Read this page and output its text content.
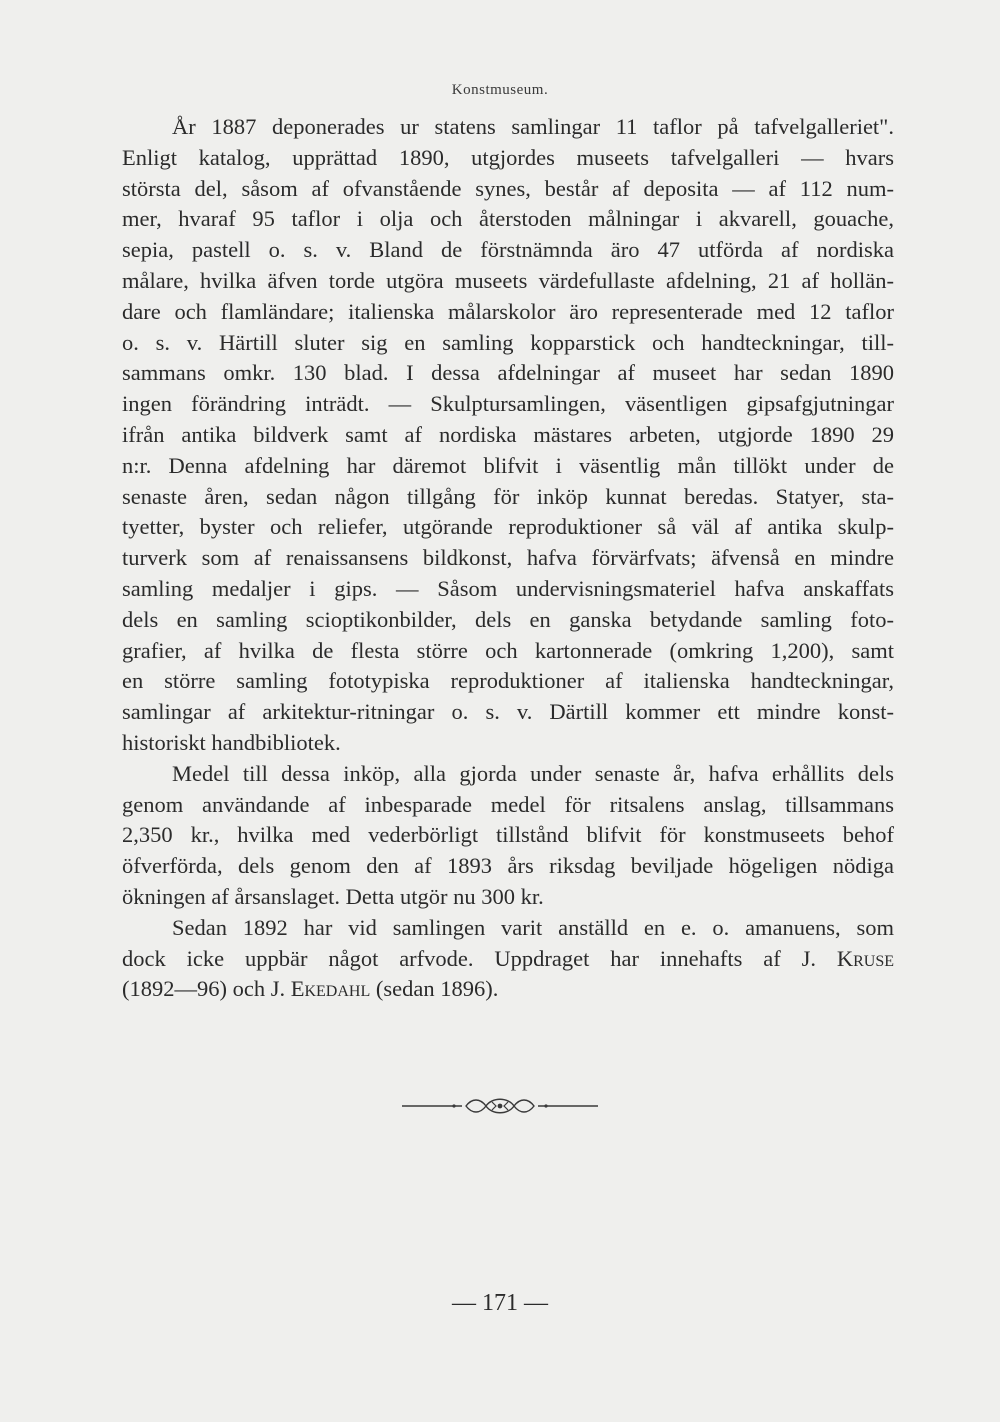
Konstmuseum.
År 1887 deponerades ur statens samlingar 11 taflor på tafvelgalleriet".
Enligt katalog, upprättad 1890, utgjordes museets tafvelgalleri — hvars
största del, såsom af ofvanstående synes, består af deposita — af 112 num-
mer, hvaraf 95 taflor i olja och återstoden målningar i akvarell, gouache,
sepia, pastell o. s. v. Bland de förstnämnda äro 47 utförda af nordiska
målare, hvilka äfven torde utgöra museets värdefullaste afdelning, 21 af hollän-
dare och flamländare; italienska målarskolor äro representerade med 12 taflor
o. s. v. Härtill sluter sig en samling kopparstick och handteckningar, till-
sammans omkr. 130 blad. I dessa afdelningar af museet har sedan 1890
ingen förändring inträdt. — Skulptursamlingen, väsentligen gipsafgjutningar
ifrån antika bildverk samt af nordiska mästares arbeten, utgjorde 1890 29
n:r. Denna afdelning har däremot blifvit i väsentlig mån tillökt under de
senaste åren, sedan någon tillgång för inköp kunnat beredas. Statyer, sta-
tyetter, byster och reliefer, utgörande reproduktioner så väl af antika skulp-
turverk som af renaissansens bildkonst, hafva förvärfvats; äfvenså en mindre
samling medaljer i gips. — Såsom undervisningsmateriel hafva anskaffats
dels en samling scioptikonbilder, dels en ganska betydande samling foto-
grafier, af hvilka de flesta större och kartonnerade (omkring 1,200), samt
en större samling fototypiska reproduktioner af italienska handteckningar,
samlingar af arkitektur-ritningar o. s. v. Därtill kommer ett mindre konst-
historiskt handbibliotek.
Medel till dessa inköp, alla gjorda under senaste år, hafva erhållits dels
genom användande af inbesparade medel för ritsalens anslag, tillsammans
2,350 kr., hvilka med vederbörligt tillstånd blifvit för konstmuseets behof
öfverförda, dels genom den af 1893 års riksdag beviljade högeligen nödiga
ökningen af årsanslaget. Detta utgör nu 300 kr.
Sedan 1892 har vid samlingen varit anställd en e. o. amanuens, som
dock icke uppbär något arfvode. Uppdraget har innehafts af J. Kruse
(1892—96) och J. Ekedahl (sedan 1896).
— 171 —
